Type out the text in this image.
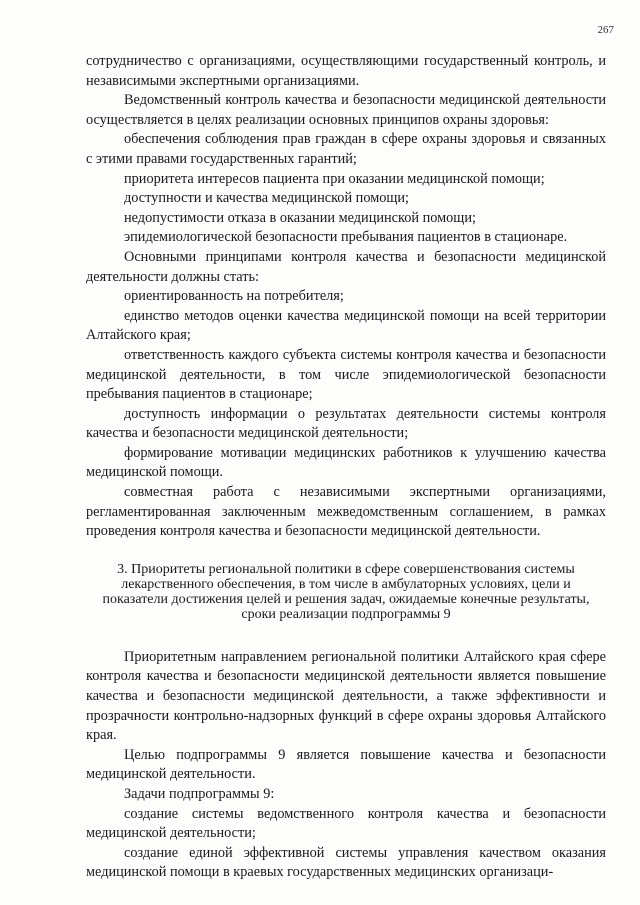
267

сотрудничество с организациями, осуществляющими государственный контроль, и независимыми экспертными организациями.

Ведомственный контроль качества и безопасности медицинской деятельности осуществляется в целях реализации основных принципов охраны здоровья:

обеспечения соблюдения прав граждан в сфере охраны здоровья и связанных с этими правами государственных гарантий;

приоритета интересов пациента при оказании медицинской помощи;

доступности и качества медицинской помощи;

недопустимости отказа в оказании медицинской помощи;

эпидемиологической безопасности пребывания пациентов в стационаре.

Основными принципами контроля качества и безопасности медицинской деятельности должны стать:

ориентированность на потребителя;

единство методов оценки качества медицинской помощи на всей территории Алтайского края;

ответственность каждого субъекта системы контроля качества и безопасности медицинской деятельности, в том числе эпидемиологической безопасности пребывания пациентов в стационаре;

доступность информации о результатах деятельности системы контроля качества и безопасности медицинской деятельности;

формирование мотивации медицинских работников к улучшению качества медицинской помощи.

совместная работа с независимыми экспертными организациями, регламентированная заключенным межведомственным соглашением, в рамках проведения контроля качества и безопасности медицинской деятельности.

3. Приоритеты региональной политики в сфере совершенствования системы лекарственного обеспечения, в том числе в амбулаторных условиях, цели и показатели достижения целей и решения задач, ожидаемые конечные результаты, сроки реализации подпрограммы 9

Приоритетным направлением региональной политики Алтайского края сфере контроля качества и безопасности медицинской деятельности является повышение качества и безопасности медицинской деятельности, а также эффективности и прозрачности контрольно-надзорных функций в сфере охраны здоровья Алтайского края.

Целью подпрограммы 9 является повышение качества и безопасности медицинской деятельности.

Задачи подпрограммы 9:

создание системы ведомственного контроля качества и безопасности медицинской деятельности;

создание единой эффективной системы управления качеством оказания медицинской помощи в краевых государственных медицинских организаци-
